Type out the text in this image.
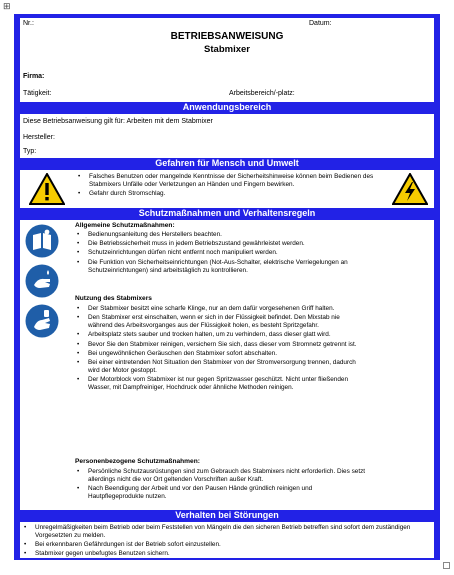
⊞
Nr.:	Datum:
BETRIEBSANWEISUNG
Stabmixer
Firma:
Tätigkeit:	Arbeitsbereich/-platz:
Anwendungsbereich
Diese Betriebsanweisung gilt für: Arbeiten mit dem Stabmixer
Hersteller:
Typ:
Gefahren für Mensch und Umwelt
• Falsches Benutzen oder mangelnde Kenntnisse der Sicherheitshinweise können beim Bedienen des Stabmixers Unfälle oder Verletzungen an Händen und Fingern bewirken.
• Gefahr durch Stromschlag.
Schutzmaßnahmen und Verhaltensregeln
Allgemeine Schutzmaßnahmen:
• Bedienungsanleitung des Herstellers beachten.
• Die Betriebssicherheit muss in jedem Betriebszustand gewährleistet werden.
• Schutzeinrichtungen dürfen nicht entfernt noch manipuliert werden.
• Die Funktion von Sicherheitseinrichtungen (Not-Aus-Schalter, elektrische Verriegelungen an Schutzeinrichtungen) sind arbeitstäglich zu kontrollieren.
Nutzung des Stabmixers
• Der Stabmixer besitzt eine scharfe Klinge, nur an dem dafür vorgesehenen Griff halten.
• Den Stabmixer erst einschalten, wenn er sich in der Flüssigkeit befindet. Den Mixstab nie während des Arbeitsvorganges aus der Flüssigkeit holen, es besteht Spritzgefahr.
• Arbeitsplatz stets sauber und trocken halten, um zu verhindern, dass dieser glatt wird.
• Bevor Sie den Stabmixer reinigen, versichern Sie sich, dass dieser vom Stromnetz getrennt ist.
• Bei ungewöhnlichen Geräuschen den Stabmixer sofort abschalten.
• Bei einer eintretenden Not Situation den Stabmixer von der Stromversorgung trennen, dadurch wird der Motor gestoppt.
• Der Motorblock vom Stabmixer ist nur gegen Spritzwasser geschützt. Nicht unter fließenden Wasser, mit Dampfreiniger, Hochdruck oder ähnliche Methoden reinigen.
Personenbezogene Schutzmaßnahmen:
• Persönliche Schutzausrüstungen sind zum Gebrauch des Stabmixers nicht erforderlich. Dies setzt allerdings nicht die vor Ort geltenden Vorschriften außer Kraft.
• Nach Beendigung der Arbeit und vor den Pausen Hände gründlich reinigen und Hautpflegeprodukte nutzen.
Verhalten bei Störungen
• Unregelmäßigkeiten beim Betrieb oder beim Feststellen von Mängeln die den sicheren Betrieb betreffen sind sofort dem zuständigen Vorgesetzten zu melden.
• Bei erkennbaren Gefährdungen ist der Betrieb sofort einzustellen.
• Stabmixer gegen unbefugtes Benutzen sichern.
